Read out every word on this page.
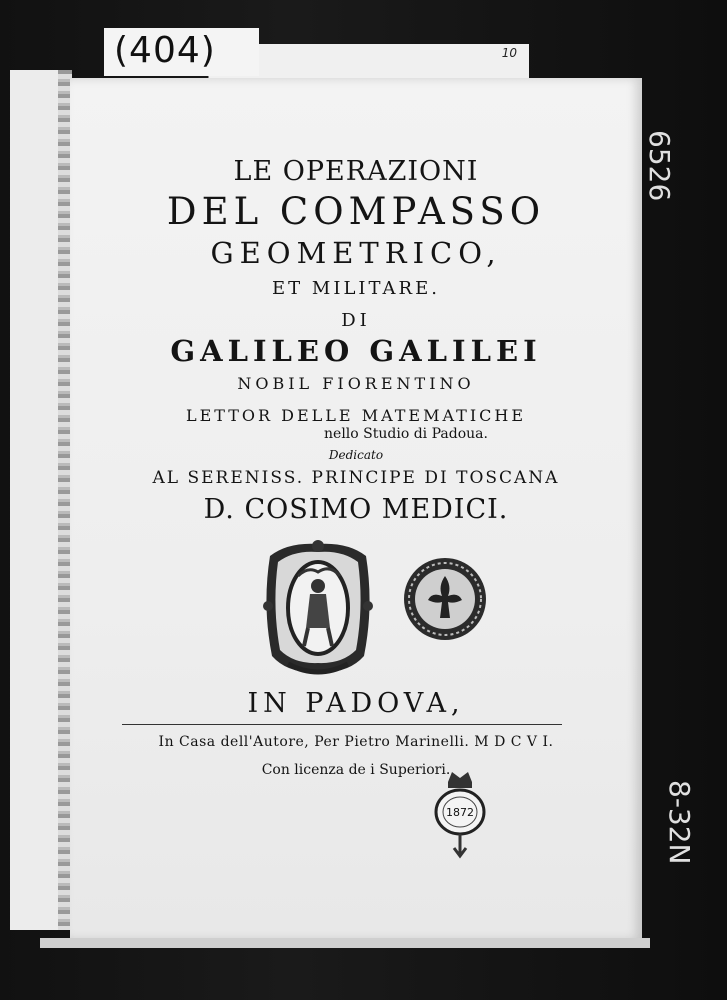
10
(404)
LE OPERAZIONI
DEL COMPASSO
GEOMETRICO,
ET MILITARE.
DI
GALILEO GALILEI
NOBIL FIORENTINO
LETTOR DELLE MATEMATICHE
nello Studio di Padoua.
Dedicato
AL SERENISS. PRINCIPE DI TOSCANA
D. COSIMO MEDICI.
IN PADOVA,
In Casa dell'Autore, Per Pietro Marinelli. M D C V I.
Con licenza de i Superiori.
1872
6526
8-32N
